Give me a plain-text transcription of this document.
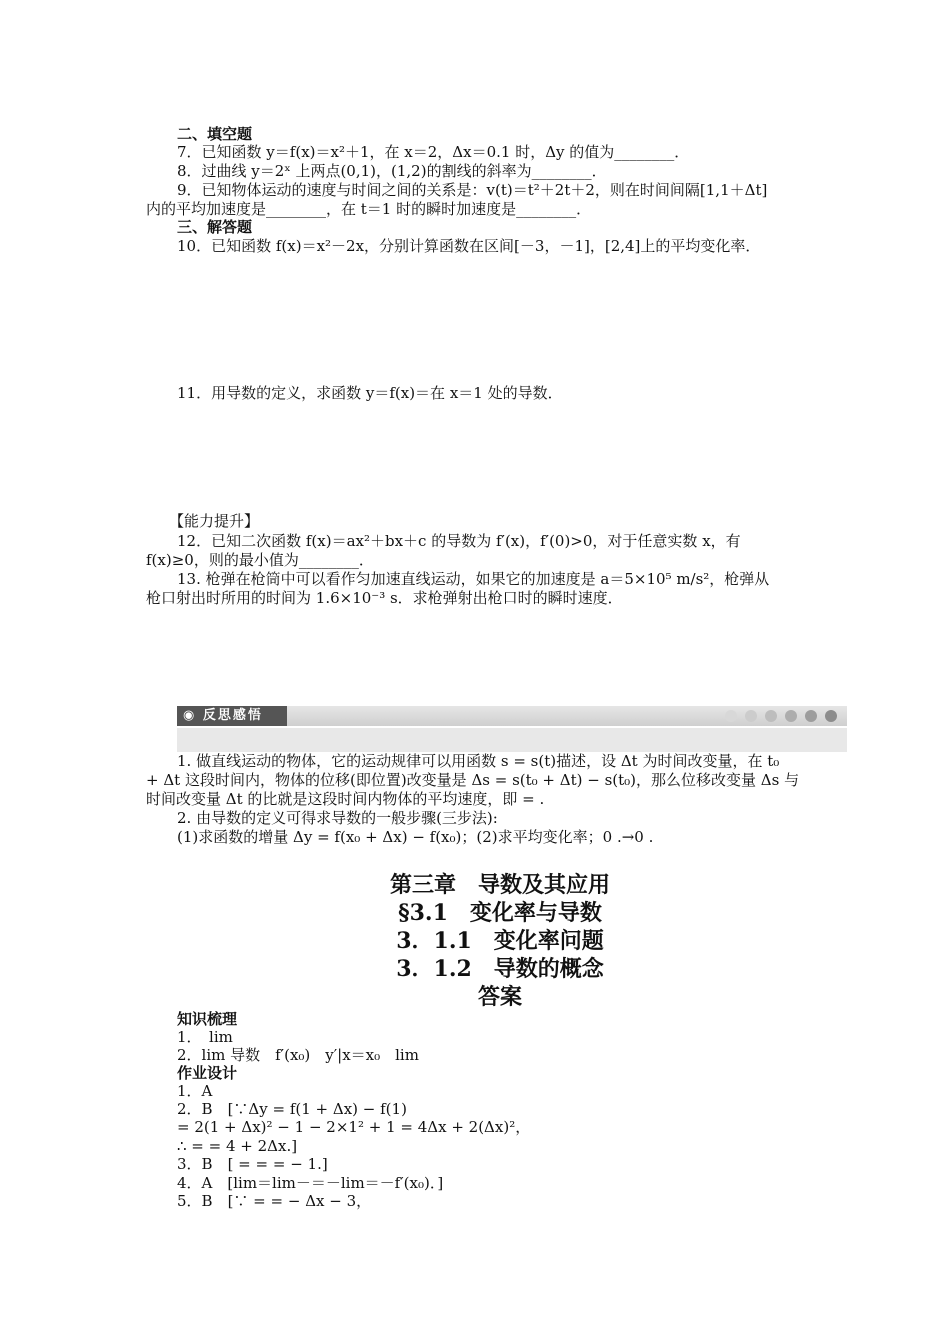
二、填空题
7．已知函数 y＝f(x)＝x²＋1，在 x＝2，Δx＝0.1 时，Δy 的值为________．
8．过曲线 y＝2ˣ 上两点(0,1)，(1,2)的割线的斜率为________．
9．已知物体运动的速度与时间之间的关系是：v(t)＝t²＋2t＋2，则在时间间隔[1,1＋Δt]
内的平均加速度是________，在 t＝1 时的瞬时加速度是________．
三、解答题
10．已知函数 f(x)＝x²－2x，分别计算函数在区间[－3，－1]，[2,4]上的平均变化率．
11．用导数的定义，求函数 y＝f(x)＝在 x＝1 处的导数．
【能力提升】
12．已知二次函数 f(x)＝ax²＋bx＋c 的导数为 f′(x)，f′(0)>0，对于任意实数 x，有
f(x)≥0，则的最小值为________．
13. 枪弹在枪筒中可以看作匀加速直线运动，如果它的加速度是 a＝5×10⁵ m/s²，枪弹从
枪口射出时所用的时间为 1.6×10⁻³ s．求枪弹射出枪口时的瞬时速度．
◉ 反思感悟
1. 做直线运动的物体，它的运动规律可以用函数 s = s(t)描述，设 Δt 为时间改变量，在 t₀
+ Δt 这段时间内，物体的位移(即位置)改变量是 Δs = s(t₀ + Δt) − s(t₀)，那么位移改变量 Δs 与
时间改变量 Δt 的比就是这段时间内物体的平均速度，即 = .
2. 由导数的定义可得求导数的一般步骤(三步法):
(1)求函数的增量 Δy = f(x₀ + Δx) − f(x₀)；(2)求平均变化率；0 .→0 .
第三章　导数及其应用
§3.1　变化率与导数
3．1.1　变化率问题
3．1.2　导数的概念
答案
知识梳理
1．　lim
2．lim 导数　f′(x₀)　y′|x＝x₀　lim
作业设计
1．A
2．B　[∵Δy = f(1 + Δx) − f(1)
= 2(1 + Δx)² − 1 − 2×1² + 1 = 4Δx + 2(Δx)²，
∴ = = 4 + 2Δx.]
3．B　[ = = = − 1.]
4．A　[lim＝lim－＝－lim＝－f′(x₀)．]
5．B　[∵ = = − Δx − 3，
